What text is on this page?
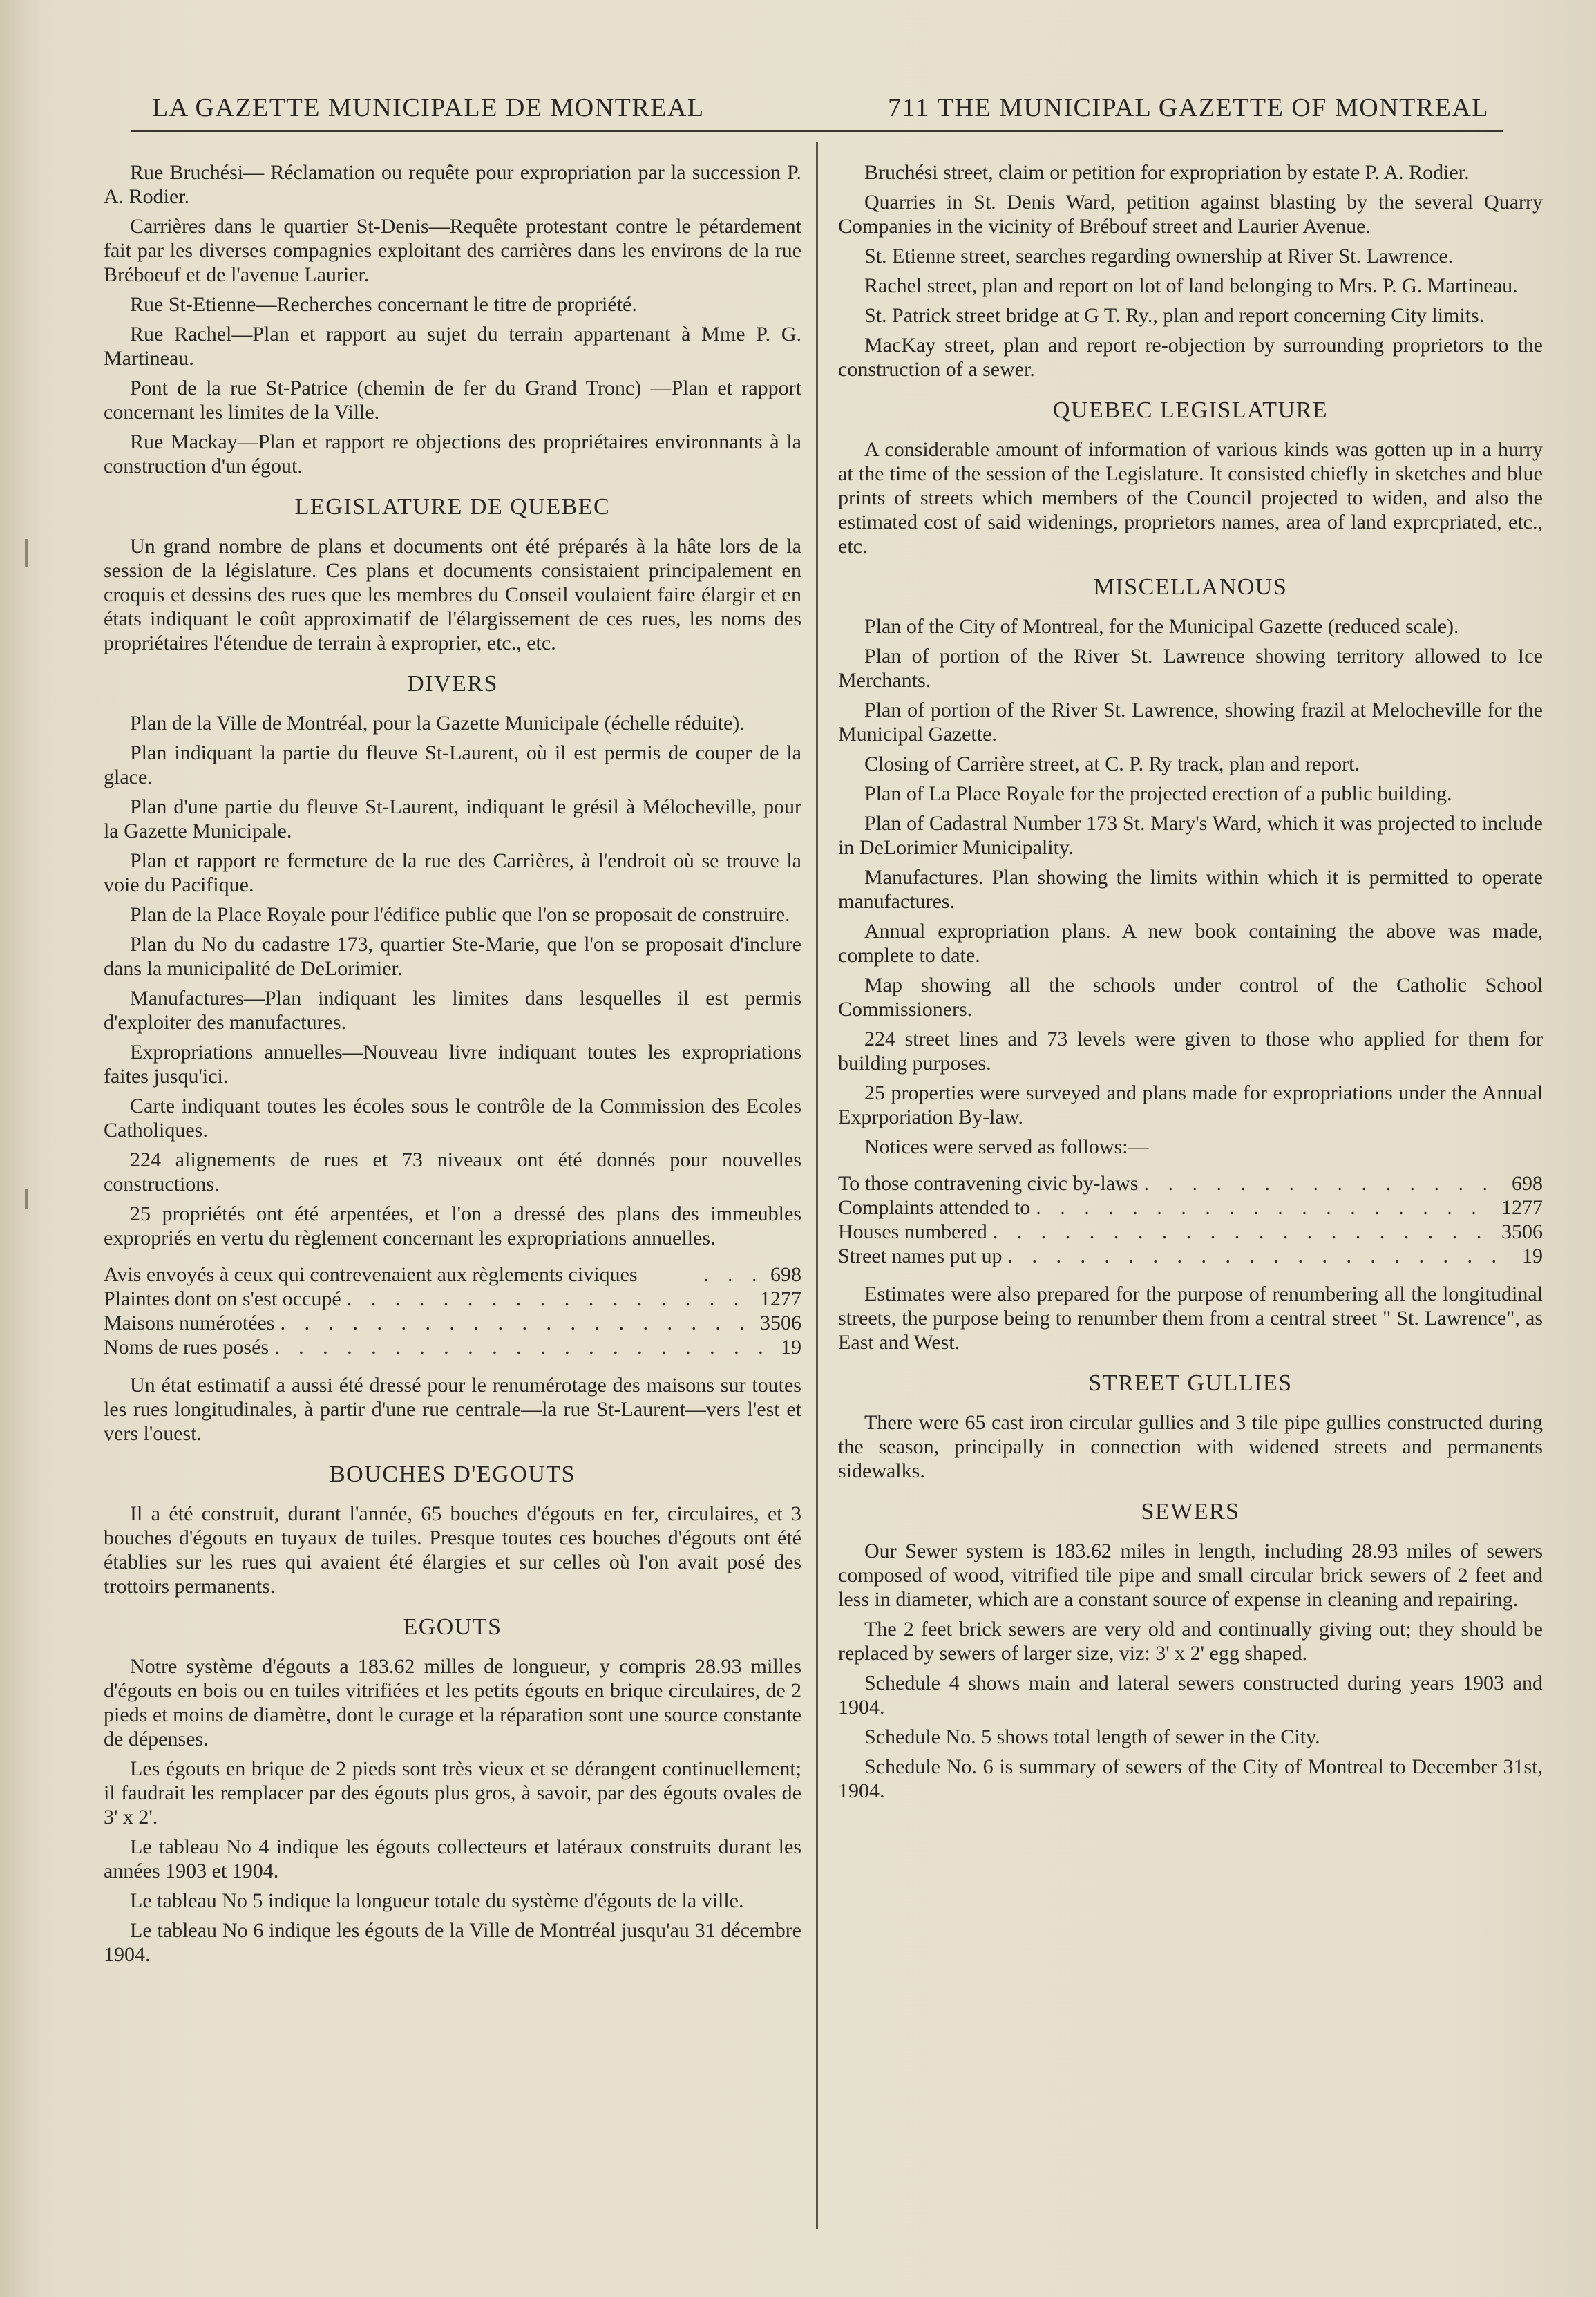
LA GAZETTE MUNICIPALE DE MONTREAL	711 THE MUNICIPAL GAZETTE OF MONTREAL

Rue Bruchési— Réclamation ou requête pour expropriation par la succession P. A. Rodier.

Carrières dans le quartier St-Denis—Requête protestant contre le pétardement fait par les diverses compagnies exploitant des carrières dans les environs de la rue Bréboeuf et de l'avenue Laurier.

Rue St-Etienne—Recherches concernant le titre de propriété.

Rue Rachel—Plan et rapport au sujet du terrain appartenant à Mme P. G. Martineau.

Pont de la rue St-Patrice (chemin de fer du Grand Tronc) —Plan et rapport concernant les limites de la Ville.

Rue Mackay—Plan et rapport re objections des propriétaires environnants à la construction d'un égout.

LEGISLATURE DE QUEBEC

Un grand nombre de plans et documents ont été préparés à la hâte lors de la session de la législature. Ces plans et documents consistaient principalement en croquis et dessins des rues que les membres du Conseil voulaient faire élargir et en états indiquant le coût approximatif de l'élargissement de ces rues, les noms des propriétaires l'étendue de terrain à exproprier, etc., etc.

DIVERS

Plan de la Ville de Montréal, pour la Gazette Municipale (échelle réduite).

Plan indiquant la partie du fleuve St-Laurent, où il est permis de couper de la glace.

Plan d'une partie du fleuve St-Laurent, indiquant le grésil à Mélocheville, pour la Gazette Municipale.

Plan et rapport re fermeture de la rue des Carrières, à l'endroit où se trouve la voie du Pacifique.

Plan de la Place Royale pour l'édifice public que l'on se proposait de construire.

Plan du No du cadastre 173, quartier Ste-Marie, que l'on se proposait d'inclure dans la municipalité de DeLorimier.

Manufactures—Plan indiquant les limites dans lesquelles il est permis d'exploiter des manufactures.

Expropriations annuelles—Nouveau livre indiquant toutes les expropriations faites jusqu'ici.

Carte indiquant toutes les écoles sous le contrôle de la Commission des Ecoles Catholiques.

224 alignements de rues et 73 niveaux ont été donnés pour nouvelles constructions.

25 propriétés ont été arpentées, et l'on a dressé des plans des immeubles expropriés en vertu du règlement concernant les expropriations annuelles.

Avis envoyés à ceux qui contrevenaient aux règlements civiques . . .	698
Plaintes dont on s'est occupé . . .	1277
Maisons numérotées . . .	3506
Noms de rues posés . . .	19

Un état estimatif a aussi été dressé pour le renumérotage des maisons sur toutes les rues longitudinales, à partir d'une rue centrale—la rue St-Laurent—vers l'est et vers l'ouest.

BOUCHES D'EGOUTS

Il a été construit, durant l'année, 65 bouches d'égouts en fer, circulaires, et 3 bouches d'égouts en tuyaux de tuiles. Presque toutes ces bouches d'égouts ont été établies sur les rues qui avaient été élargies et sur celles où l'on avait posé des trottoirs permanents.

EGOUTS

Notre système d'égouts a 183.62 milles de longueur, y compris 28.93 milles d'égouts en bois ou en tuiles vitrifiées et les petits égouts en brique circulaires, de 2 pieds et moins de diamètre, dont le curage et la réparation sont une source constante de dépenses.

Les égouts en brique de 2 pieds sont très vieux et se dérangent continuellement; il faudrait les remplacer par des égouts plus gros, à savoir, par des égouts ovales de 3' x 2'.

Le tableau No 4 indique les égouts collecteurs et latéraux construits durant les années 1903 et 1904.

Le tableau No 5 indique la longueur totale du système d'égouts de la ville.

Le tableau No 6 indique les égouts de la Ville de Montréal jusqu'au 31 décembre 1904.

Bruchési street, claim or petition for expropriation by estate P. A. Rodier.

Quarries in St. Denis Ward, petition against blasting by the several Quarry Companies in the vicinity of Brébouf street and Laurier Avenue.

St. Etienne street, searches regarding ownership at River St. Lawrence.

Rachel street, plan and report on lot of land belonging to Mrs. P. G. Martineau.

St. Patrick street bridge at G T. Ry., plan and report concerning City limits.

MacKay street, plan and report re-objection by surrounding proprietors to the construction of a sewer.

QUEBEC LEGISLATURE

A considerable amount of information of various kinds was gotten up in a hurry at the time of the session of the Legislature. It consisted chiefly in sketches and blue prints of streets which members of the Council projected to widen, and also the estimated cost of said widenings, proprietors names, area of land exprcpriated, etc., etc.

MISCELLANOUS

Plan of the City of Montreal, for the Municipal Gazette (reduced scale).

Plan of portion of the River St. Lawrence showing territory allowed to Ice Merchants.

Plan of portion of the River St. Lawrence, showing frazil at Melocheville for the Municipal Gazette.

Closing of Carrière street, at C. P. Ry track, plan and report.

Plan of La Place Royale for the projected erection of a public building.

Plan of Cadastral Number 173 St. Mary's Ward, which it was projected to include in DeLorimier Municipality.

Manufactures. Plan showing the limits within which it is permitted to operate manufactures.

Annual expropriation plans. A new book containing the above was made, complete to date.

Map showing all the schools under control of the Catholic School Commissioners.

224 street lines and 73 levels were given to those who applied for them for building purposes.

25 properties were surveyed and plans made for expropriations under the Annual Exprporiation By-law.

Notices were served as follows:—

To those contravening civic by-laws . . .	698
Complaints attended to . . .	1277
Houses numbered . . .	3506
Street names put up . . .	19

Estimates were also prepared for the purpose of renumbering all the longitudinal streets, the purpose being to renumber them from a central street " St. Lawrence", as East and West.

STREET GULLIES

There were 65 cast iron circular gullies and 3 tile pipe gullies constructed during the season, principally in connection with widened streets and permanents sidewalks.

SEWERS

Our Sewer system is 183.62 miles in length, including 28.93 miles of sewers composed of wood, vitrified tile pipe and small circular brick sewers of 2 feet and less in diameter, which are a constant source of expense in cleaning and repairing.

The 2 feet brick sewers are very old and continually giving out; they should be replaced by sewers of larger size, viz: 3' x 2' egg shaped.

Schedule 4 shows main and lateral sewers constructed during years 1903 and 1904.

Schedule No. 5 shows total length of sewer in the City.

Schedule No. 6 is summary of sewers of the City of Montreal to December 31st, 1904.
